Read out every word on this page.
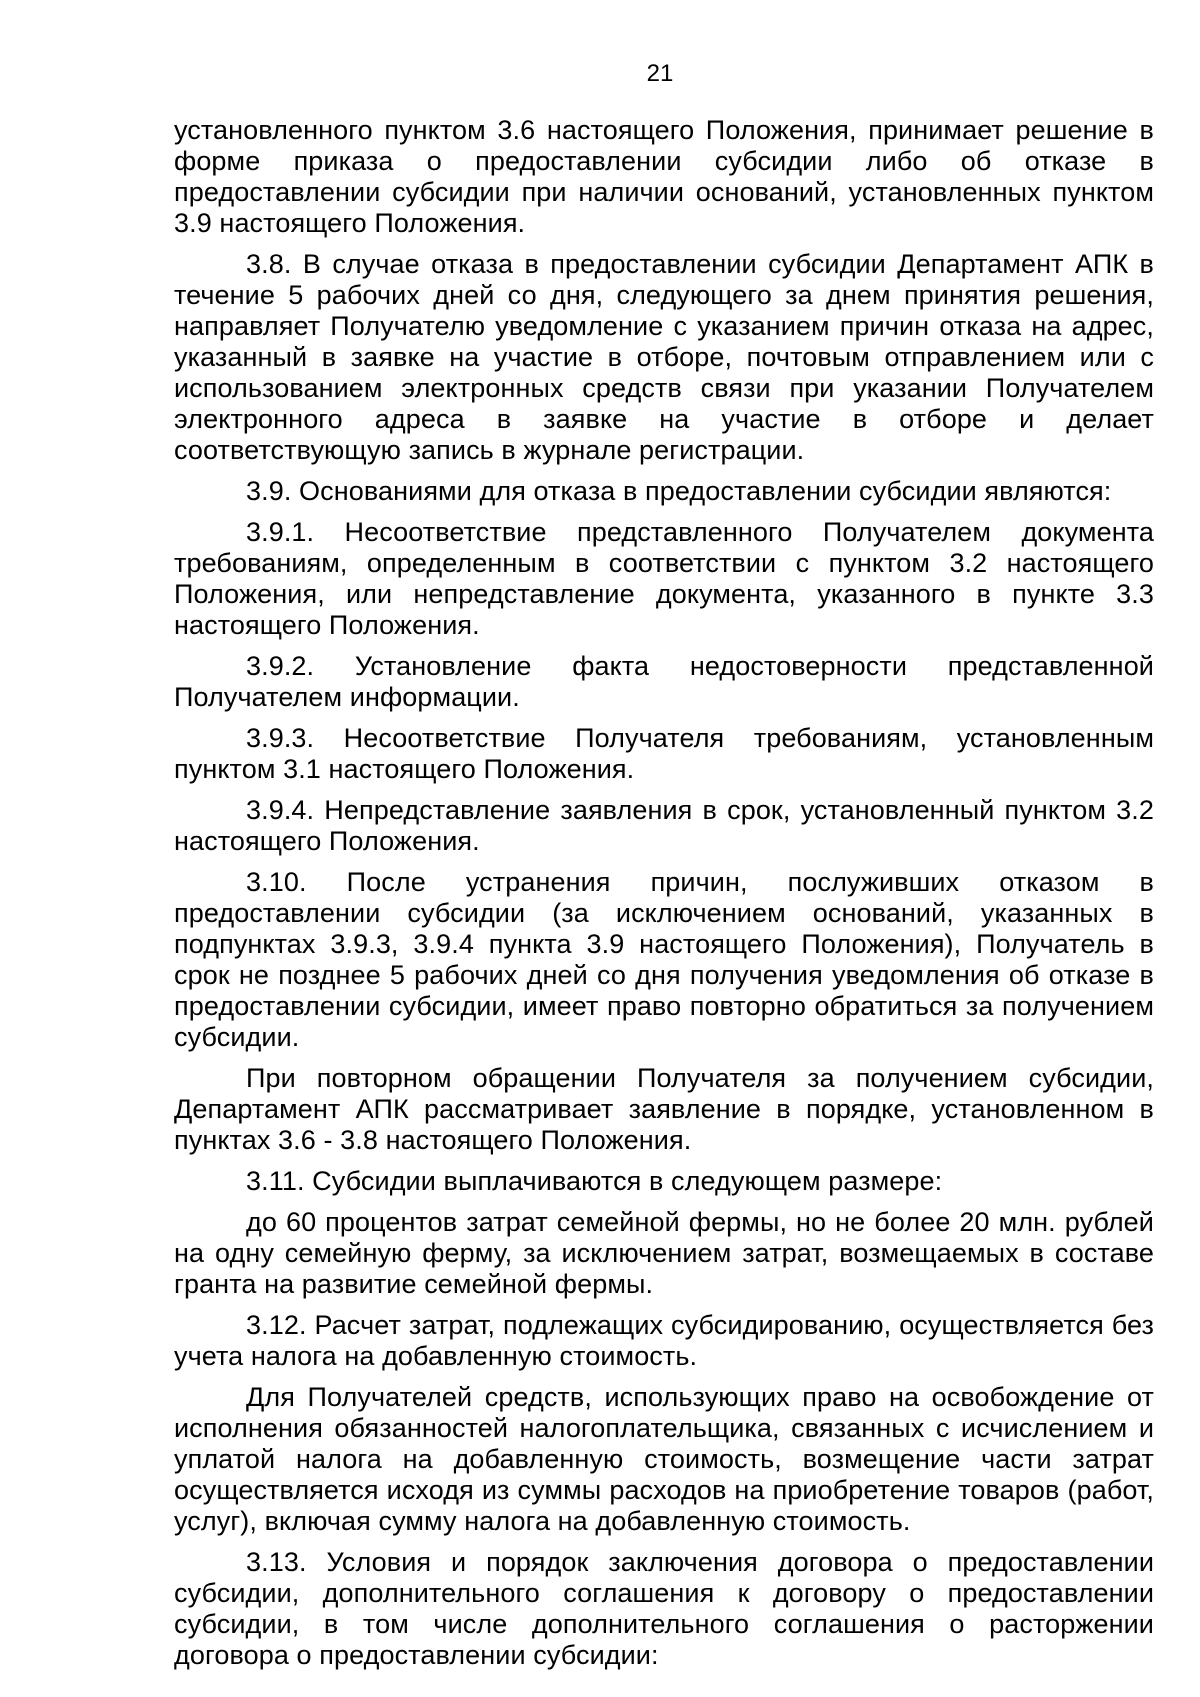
21

установленного пунктом 3.6 настоящего Положения, принимает решение в форме приказа о предоставлении субсидии либо об отказе в предоставлении субсидии при наличии оснований, установленных пунктом 3.9 настоящего Положения.

3.8. В случае отказа в предоставлении субсидии Департамент АПК в течение 5 рабочих дней со дня, следующего за днем принятия решения, направляет Получателю уведомление с указанием причин отказа на адрес, указанный в заявке на участие в отборе, почтовым отправлением или с использованием электронных средств связи при указании Получателем электронного адреса в заявке на участие в отборе и делает соответствующую запись в журнале регистрации.

3.9. Основаниями для отказа в предоставлении субсидии являются:

3.9.1. Несоответствие представленного Получателем документа требованиям, определенным в соответствии с пунктом 3.2 настоящего Положения, или непредставление документа, указанного в пункте 3.3 настоящего Положения.

3.9.2. Установление факта недостоверности представленной Получателем информации.

3.9.3. Несоответствие Получателя требованиям, установленным пунктом 3.1 настоящего Положения.

3.9.4. Непредставление заявления в срок, установленный пунктом 3.2 настоящего Положения.

3.10. После устранения причин, послуживших отказом в предоставлении субсидии (за исключением оснований, указанных в подпунктах 3.9.3, 3.9.4 пункта 3.9 настоящего Положения), Получатель в срок не позднее 5 рабочих дней со дня получения уведомления об отказе в предоставлении субсидии, имеет право повторно обратиться за получением субсидии.

При повторном обращении Получателя за получением субсидии, Департамент АПК рассматривает заявление в порядке, установленном в пунктах 3.6 - 3.8 настоящего Положения.

3.11. Субсидии выплачиваются в следующем размере:

до 60 процентов затрат семейной фермы, но не более 20 млн. рублей на одну семейную ферму, за исключением затрат, возмещаемых в составе гранта на развитие семейной фермы.

3.12. Расчет затрат, подлежащих субсидированию, осуществляется без учета налога на добавленную стоимость.

Для Получателей средств, использующих право на освобождение от исполнения обязанностей налогоплательщика, связанных с исчислением и уплатой налога на добавленную стоимость, возмещение части затрат осуществляется исходя из суммы расходов на приобретение товаров (работ, услуг), включая сумму налога на добавленную стоимость.

3.13. Условия и порядок заключения договора о предоставлении субсидии, дополнительного соглашения к договору о предоставлении субсидии, в том числе дополнительного соглашения о расторжении договора о предоставлении субсидии:
